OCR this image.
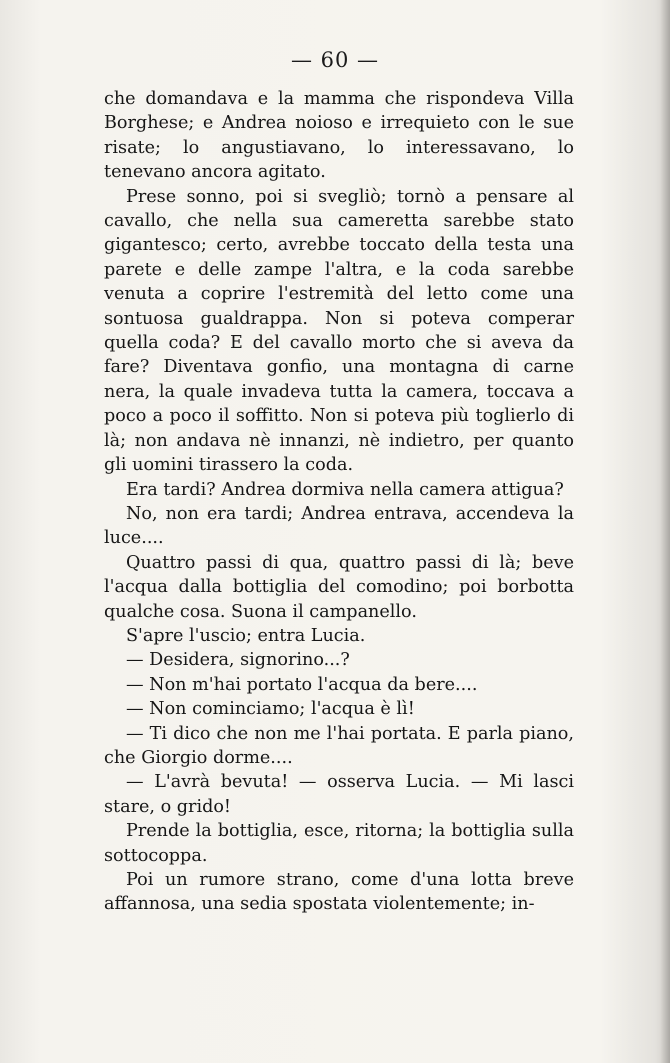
— 60 —

che domandava e la mamma che rispondeva Villa Borghese; e Andrea noioso e irrequieto con le sue risate; lo angustiavano, lo interessavano, lo tenevano ancora agitato.

Prese sonno, poi si svegliò; tornò a pensare al cavallo, che nella sua cameretta sarebbe stato gigantesco; certo, avrebbe toccato della testa una parete e delle zampe l'altra, e la coda sarebbe venuta a coprire l'estremità del letto come una sontuosa gualdrappa. Non si poteva comperar quella coda? E del cavallo morto che si aveva da fare? Diventava gonfio, una montagna di carne nera, la quale invadeva tutta la camera, toccava a poco a poco il soffitto. Non si poteva più toglierlo di là; non andava nè innanzi, nè indietro, per quanto gli uomini tirassero la coda.

Era tardi? Andrea dormiva nella camera attigua?

No, non era tardi; Andrea entrava, accendeva la luce....

Quattro passi di qua, quattro passi di là; beve l'acqua dalla bottiglia del comodino; poi borbotta qualche cosa. Suona il campanello.

S'apre l'uscio; entra Lucia.

— Desidera, signorino...?

— Non m'hai portato l'acqua da bere....

— Non cominciamo; l'acqua è lì!

— Ti dico che non me l'hai portata. E parla piano, che Giorgio dorme....

— L'avrà bevuta! — osserva Lucia. — Mi lasci stare, o grido!

Prende la bottiglia, esce, ritorna; la bottiglia sulla sottocoppa.

Poi un rumore strano, come d'una lotta breve affannosa, una sedia spostata violentemente; in-
